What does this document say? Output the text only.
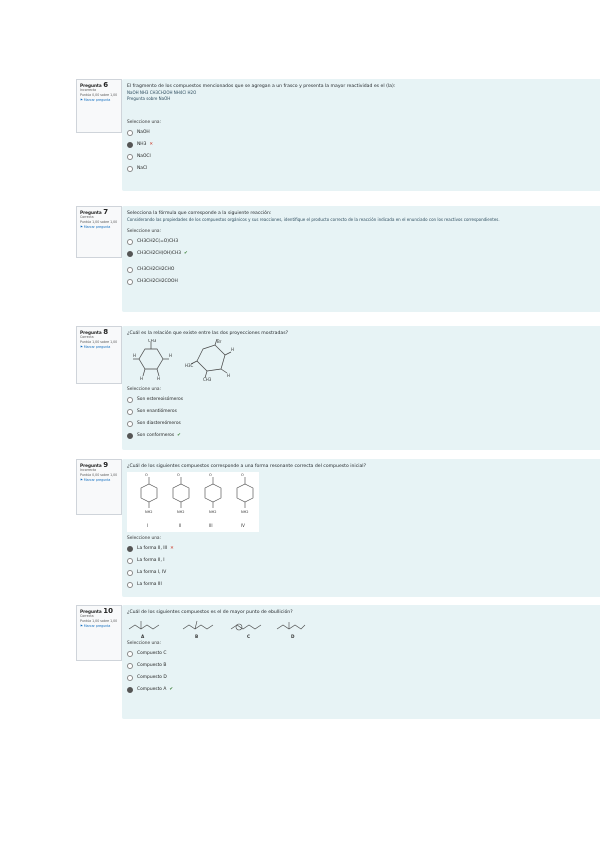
Pregunta 6
Incorrecta
Puntúa 0,00 sobre 1,00
⚑ Marcar pregunta
El fragmento de los compuestos mencionados que se agregan a un frasco y presenta la mayor reactividad es el (la):
NaOH NH3 CH3CH2OH NH4Cl H2O
Pregunta sobre NaOH
Seleccione una:
NaOH
NH3 ✕
NaOCl
NaCl
Pregunta 7
Correcta
Puntúa 1,00 sobre 1,00
⚑ Marcar pregunta
Selecciona la fórmula que corresponde a la siguiente reacción:
Considerando las propiedades de los compuestos orgánicos y sus reacciones, identifique el producto correcto de la reacción indicada en el enunciado con los reactivos correspondientes.
Seleccione una:
CH3CH2C(=O)CH3
CH3CH2CH(OH)CH3 ✔
CH3CH2CH2CHO
CH3CH2CH2COOH
Pregunta 8
Correcta
Puntúa 1,00 sobre 1,00
⚑ Marcar pregunta
¿Cuál es la relación que existe entre las dos proyecciones mostradas?
CH3
H	H
H	H
Br
H3C
H
CH3
H
Seleccione una:
Son estereoisómeros
Son enantiómeros
Son diastereómeros
Son conformeros ✔
Pregunta 9
Incorrecta
Puntúa 0,00 sobre 1,00
⚑ Marcar pregunta
¿Cuál de los siguientes compuestos corresponde a una forma resonante correcta del compuesto inicial?
O	O	O	O
NH2	NH2	NH2	NH2
I	II	III	IV
Seleccione una:
La forma II, III ✕
La forma II, I
La forma I, IV
La forma III
Pregunta 10
Correcta
Puntúa 1,00 sobre 1,00
⚑ Marcar pregunta
¿Cuál de los siguientes compuestos es el de mayor punto de ebullición?
A	B	C	D
Seleccione una:
Compuesto C
Compuesto B
Compuesto D
Compuesto A ✔
